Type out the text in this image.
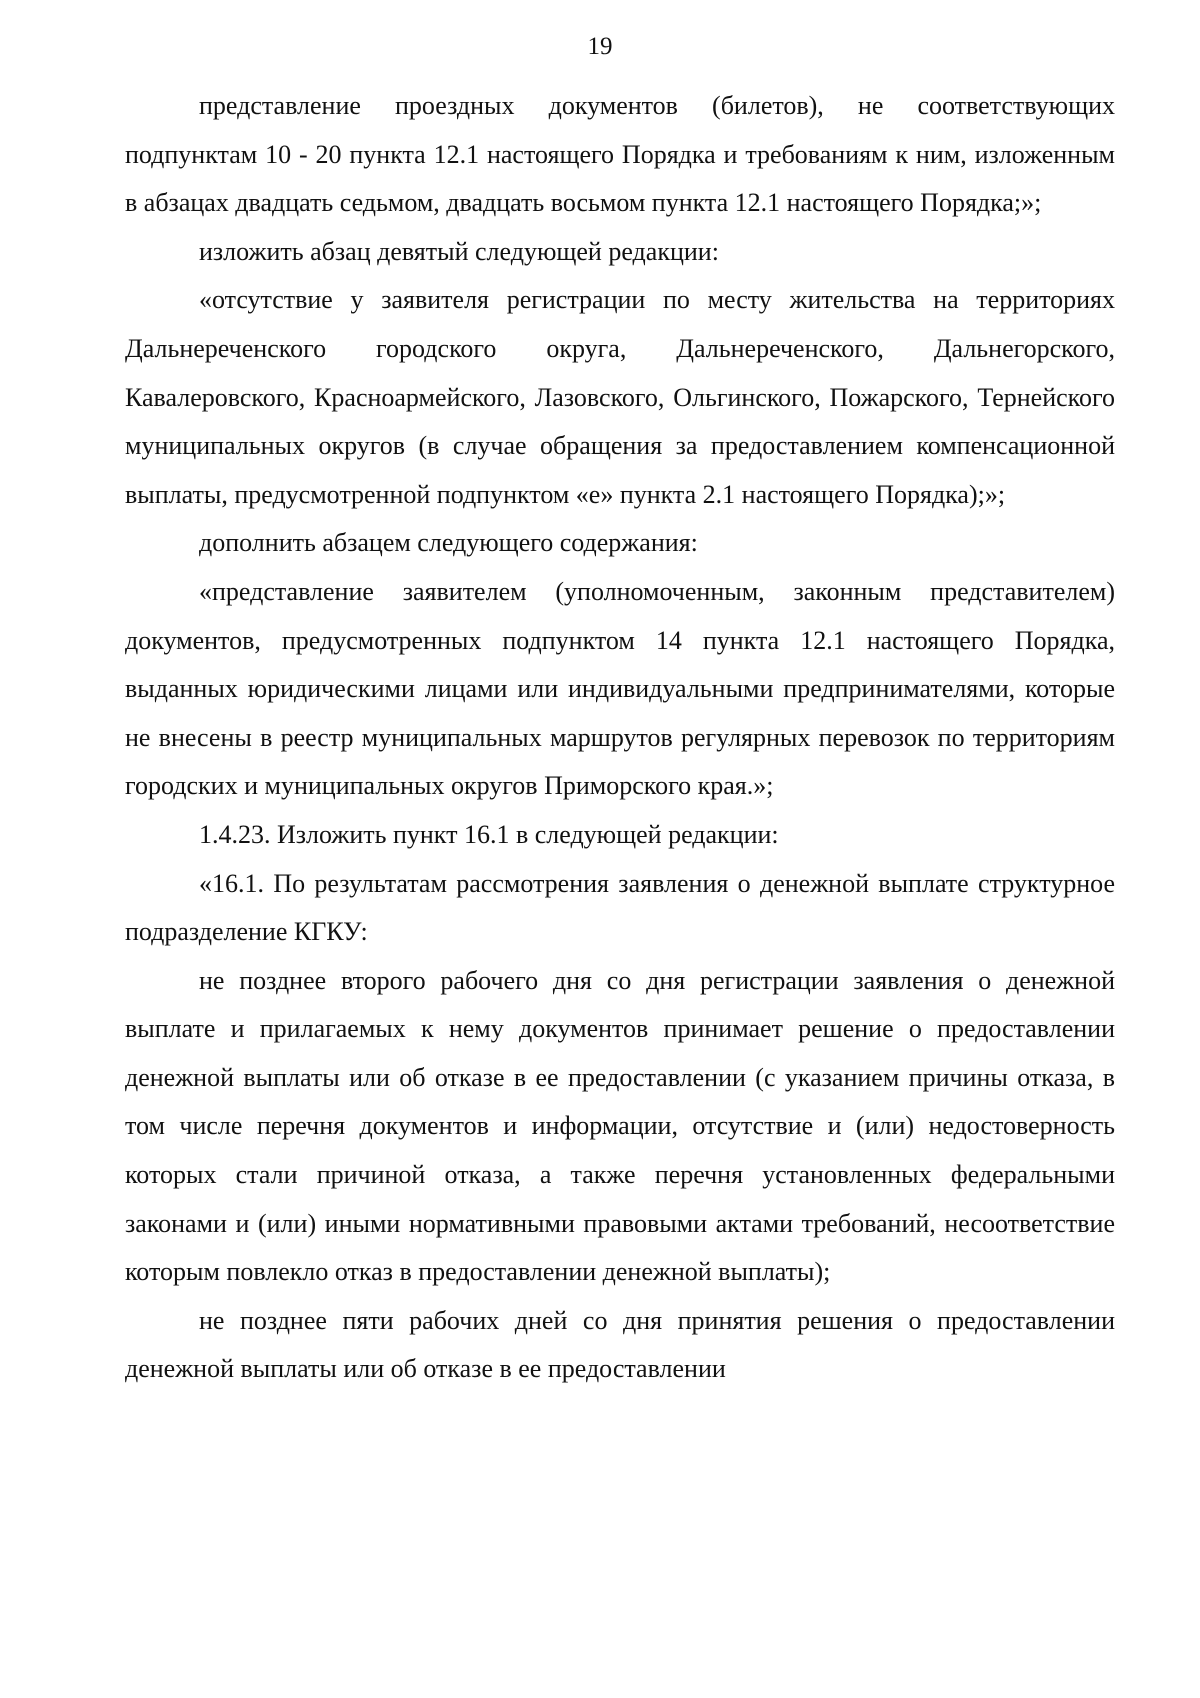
19

представление проездных документов (билетов), не соответствующих подпунктам 10 - 20 пункта 12.1 настоящего Порядка и требованиям к ним, изложенным в абзацах двадцать седьмом, двадцать восьмом пункта 12.1 настоящего Порядка;»;

изложить абзац девятый следующей редакции:

«отсутствие у заявителя регистрации по месту жительства на территориях Дальнереченского городского округа, Дальнереченского, Дальнегорского, Кавалеровского, Красноармейского, Лазовского, Ольгинского, Пожарского, Тернейского муниципальных округов (в случае обращения за предоставлением компенсационной выплаты, предусмотренной подпунктом «е» пункта 2.1 настоящего Порядка);»;

дополнить абзацем следующего содержания:

«представление заявителем (уполномоченным, законным представителем) документов, предусмотренных подпунктом 14 пункта 12.1 настоящего Порядка, выданных юридическими лицами или индивидуальными предпринимателями, которые не внесены в реестр муниципальных маршрутов регулярных перевозок по территориям городских и муниципальных округов Приморского края.»;

1.4.23. Изложить пункт 16.1 в следующей редакции:

«16.1. По результатам рассмотрения заявления о денежной выплате структурное подразделение КГКУ:

не позднее второго рабочего дня со дня регистрации заявления о денежной выплате и прилагаемых к нему документов принимает решение о предоставлении денежной выплаты или об отказе в ее предоставлении (с указанием причины отказа, в том числе перечня документов и информации, отсутствие и (или) недостоверность которых стали причиной отказа, а также перечня установленных федеральными законами и (или) иными нормативными правовыми актами требований, несоответствие которым повлекло отказ в предоставлении денежной выплаты);

не позднее пяти рабочих дней со дня принятия решения о предоставлении денежной выплаты или об отказе в ее предоставлении
